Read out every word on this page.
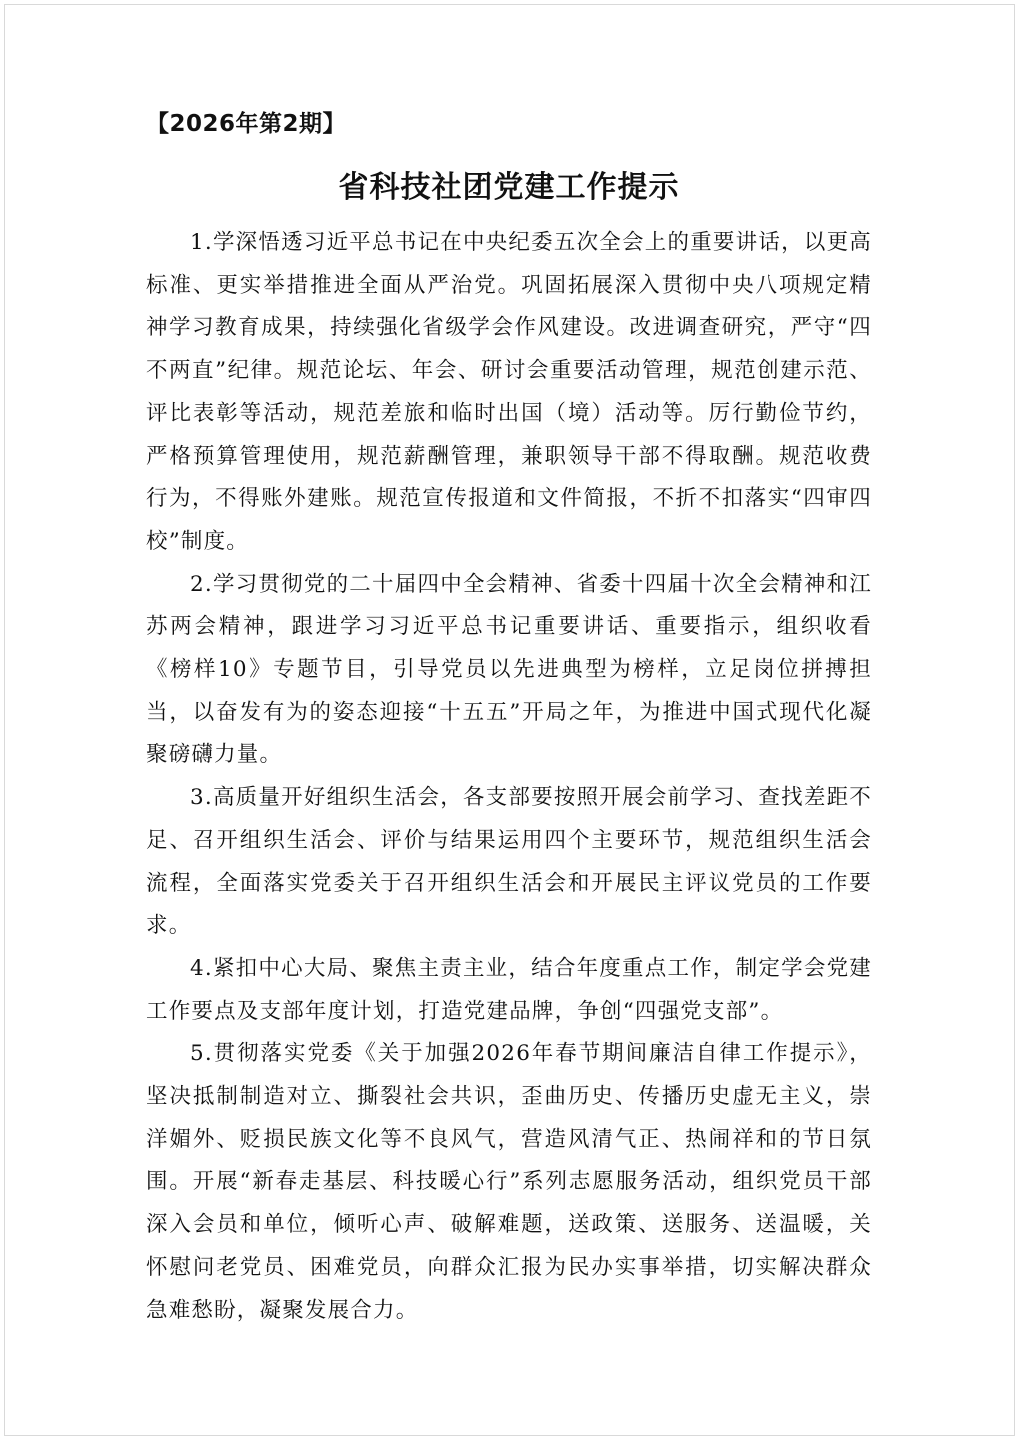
【2026年第2期】
省科技社团党建工作提示

1.学深悟透习近平总书记在中央纪委五次全会上的重要讲话，以更高标准、更实举措推进全面从严治党。巩固拓展深入贯彻中央八项规定精神学习教育成果，持续强化省级学会作风建设。改进调查研究，严守“四不两直”纪律。规范论坛、年会、研讨会重要活动管理，规范创建示范、评比表彰等活动，规范差旅和临时出国（境）活动等。厉行勤俭节约，严格预算管理使用，规范薪酬管理，兼职领导干部不得取酬。规范收费行为，不得账外建账。规范宣传报道和文件简报，不折不扣落实“四审四校”制度。

2.学习贯彻党的二十届四中全会精神、省委十四届十次全会精神和江苏两会精神，跟进学习习近平总书记重要讲话、重要指示，组织收看《榜样10》专题节目，引导党员以先进典型为榜样，立足岗位拼搏担当，以奋发有为的姿态迎接“十五五”开局之年，为推进中国式现代化凝聚磅礴力量。

3.高质量开好组织生活会，各支部要按照开展会前学习、查找差距不足、召开组织生活会、评价与结果运用四个主要环节，规范组织生活会流程，全面落实党委关于召开组织生活会和开展民主评议党员的工作要求。

4.紧扣中心大局、聚焦主责主业，结合年度重点工作，制定学会党建工作要点及支部年度计划，打造党建品牌，争创“四强党支部”。

5.贯彻落实党委《关于加强2026年春节期间廉洁自律工作提示》，坚决抵制制造对立、撕裂社会共识，歪曲历史、传播历史虚无主义，崇洋媚外、贬损民族文化等不良风气，营造风清气正、热闹祥和的节日氛围。开展“新春走基层、科技暖心行”系列志愿服务活动，组织党员干部深入会员和单位，倾听心声、破解难题，送政策、送服务、送温暖，关怀慰问老党员、困难党员，向群众汇报为民办实事举措，切实解决群众急难愁盼，凝聚发展合力。
